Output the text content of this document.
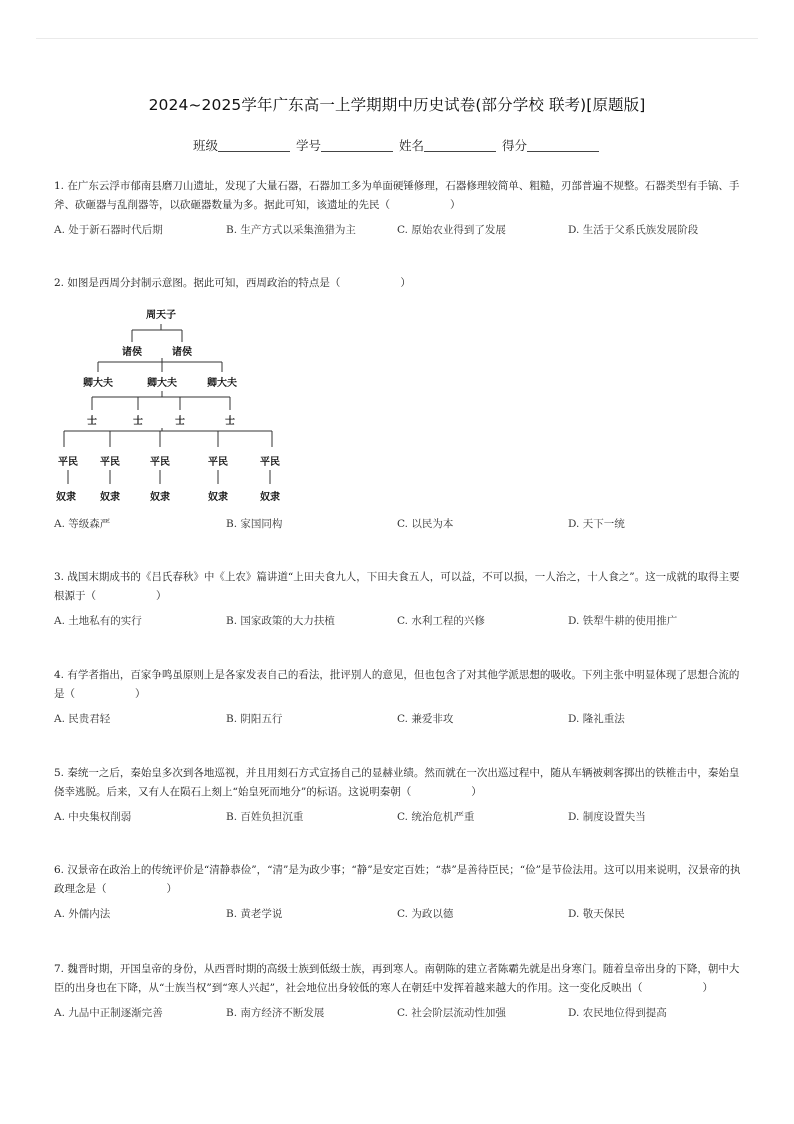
2024~2025学年广东高一上学期期中历史试卷(部分学校 联考)[原题版]
班级	学号	姓名	得分

1. 在广东云浮市郁南县磨刀山遗址，发现了大量石器，石器加工多为单面硬锤修理，石器修理较简单、粗糙，刃部普遍不规整。石器类型有手镐、手斧、砍砸器与乱削器等，以砍砸器数量为多。据此可知，该遗址的先民（	）

A. 处于新石器时代后期	B. 生产方式以采集渔猎为主	C. 原始农业得到了发展	D. 生活于父系氏族发展阶段

2. 如图是西周分封制示意图。据此可知，西周政治的特点是（	）

周天子
诸侯	诸侯
卿大夫	卿大夫	卿大夫
士	士	士	士
平民 平民	平民	平民	平民
奴隶 奴隶	奴隶	奴隶	奴隶
A. 等级森严	B. 家国同构	C. 以民为本	D. 天下一统

3. 战国末期成书的《吕氏春秋》中《上农》篇讲道“上田夫食九人，下田夫食五人，可以益，不可以损，一人治之，十人食之”。这一成就的取得主要根源于（	）

A. 土地私有的实行	B. 国家政策的大力扶植	C. 水利工程的兴修	D. 铁犁牛耕的使用推广

4. 有学者指出，百家争鸣虽原则上是各家发表自己的看法，批评别人的意见，但也包含了对其他学派思想的吸收。下列主张中明显体现了思想合流的是（	）

A. 民贵君轻	B. 阴阳五行	C. 兼爱非攻	D. 隆礼重法

5. 秦统一之后，秦始皇多次到各地巡视，并且用刻石方式宣扬自己的显赫业绩。然而就在一次出巡过程中，随从车辆被刺客掷出的铁椎击中，秦始皇侥幸逃脱。后来，又有人在陨石上刻上“始皇死而地分”的标语。这说明秦朝（	）

A. 中央集权削弱	B. 百姓负担沉重	C. 统治危机严重	D. 制度设置失当

6. 汉景帝在政治上的传统评价是“清静恭俭”，“清”是为政少事；“静”是安定百姓；“恭”是善待臣民；“俭”是节俭法用。这可以用来说明，汉景帝的执政理念是（	）

A. 外儒内法	B. 黄老学说	C. 为政以德	D. 敬天保民

7. 魏晋时期，开国皇帝的身份，从西晋时期的高级士族到低级士族，再到寒人。南朝陈的建立者陈霸先就是出身寒门。随着皇帝出身的下降，朝中大臣的出身也在下降，从“士族当权”到“寒人兴起”，社会地位出身较低的寒人在朝廷中发挥着越来越大的作用。这一变化反映出（	）

A. 九品中正制逐渐完善	B. 南方经济不断发展	C. 社会阶层流动性加强	D. 农民地位得到提高
